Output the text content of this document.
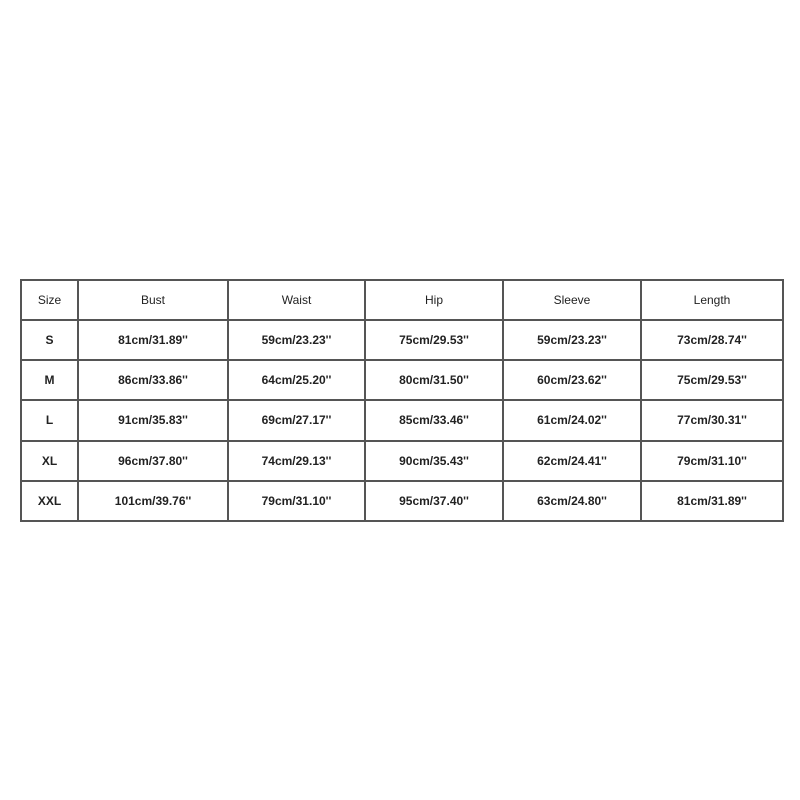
Size	Bust	Waist	Hip	Sleeve	Length
S	81cm/31.89''	59cm/23.23''	75cm/29.53''	59cm/23.23''	73cm/28.74''
M	86cm/33.86''	64cm/25.20''	80cm/31.50''	60cm/23.62''	75cm/29.53''
L	91cm/35.83''	69cm/27.17''	85cm/33.46''	61cm/24.02''	77cm/30.31''
XL	96cm/37.80''	74cm/29.13''	90cm/35.43''	62cm/24.41''	79cm/31.10''
XXL	101cm/39.76''	79cm/31.10''	95cm/37.40''	63cm/24.80''	81cm/31.89''
